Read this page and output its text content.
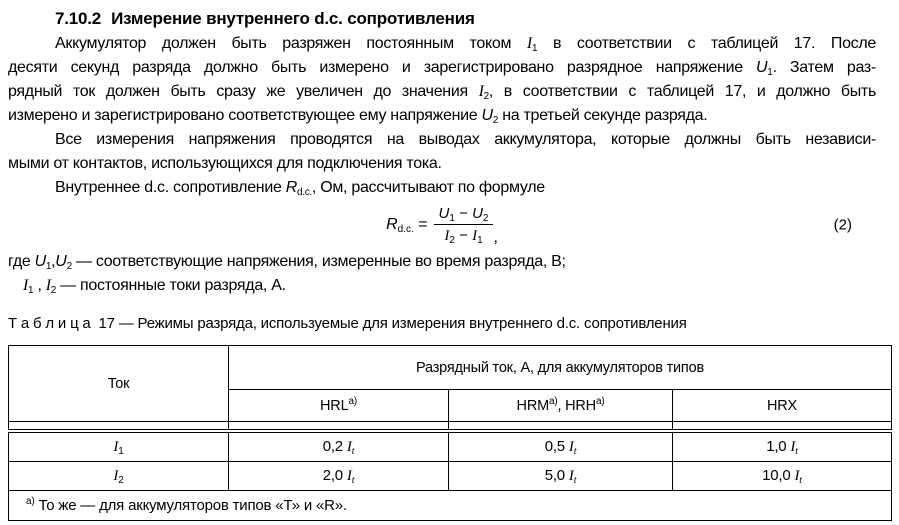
7.10.2 Измерение внутреннего d.c. сопротивления
Аккумулятор должен быть разряжен постоянным током $I_1$ в соответствии с таблицей 17. После
десяти секунд разряда должно быть измерено и зарегистрировано разрядное напряжение $U_1$. Затем раз-
рядный ток должен быть сразу же увеличен до значения $I_2$, в соответствии с таблицей 17, и должно быть
измерено и зарегистрировано соответствующее ему напряжение $U_2$ на третьей секунде разряда.
Все измерения напряжения проводятся на выводах аккумулятора, которые должны быть независи-
мыми от контактов, использующихся для подключения тока.
Внутреннее d.c. сопротивление $R_{d.c.}$, Ом, рассчитывают по формуле
$R_{d.c.} = \frac{U_1 - U_2}{I_2 - I_1}$ ,
(2)
где $U_1,U_2$ — соответствующие напряжения, измеренные во время разряда, В;
$I_1$ , $I_2$ — постоянные токи разряда, А.
Т а б л и ц а  17 — Режимы разряда, используемые для измерения внутреннего d.c. сопротивления
Ток	Разрядный ток, А, для аккумуляторов типов		
	HRL$^{a)}$	HRM$^{a)}$, HRH$^{a)}$	HRX

$I_1$	0,2 $I_t$	0,5 $I_t$	1,0 $I_t$
$I_2$	2,0 $I_t$	5,0 $I_t$	10,0 $I_t$
$^{a)}$ То же — для аккумуляторов типов «Т» и «R».			
